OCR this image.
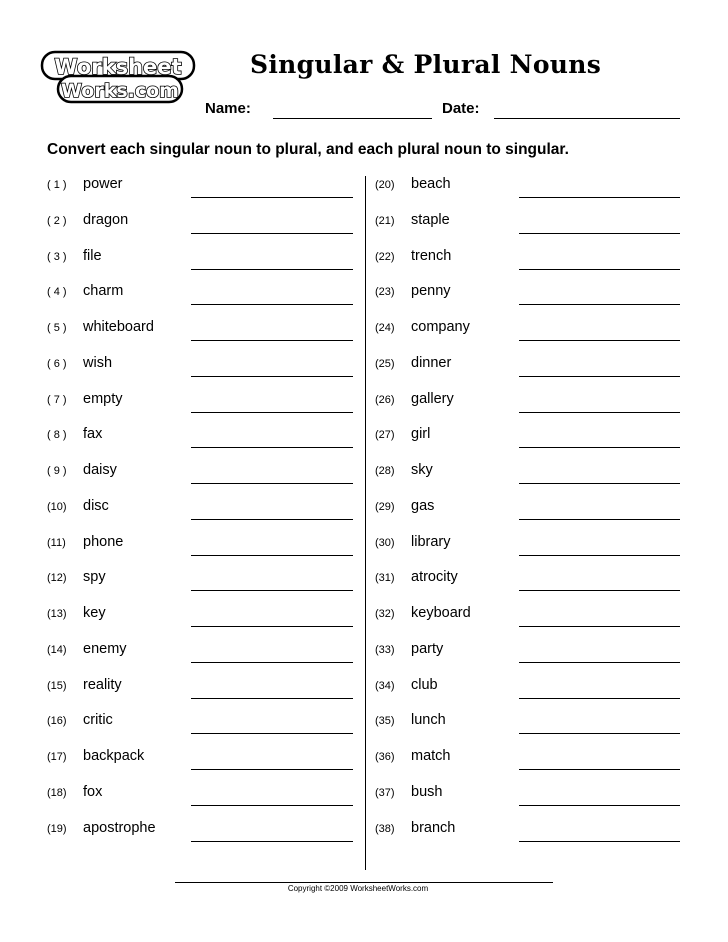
Worksheet
Works.com
Singular & Plural Nouns
Name:	Date:
Convert each singular noun to plural, and each plural noun to singular.
( 1 ) power
( 2 ) dragon
( 3 ) file
( 4 ) charm
( 5 ) whiteboard
( 6 ) wish
( 7 ) empty
( 8 ) fax
( 9 ) daisy
(10) disc
(11) phone
(12) spy
(13) key
(14) enemy
(15) reality
(16) critic
(17) backpack
(18) fox
(19) apostrophe
(20) beach
(21) staple
(22) trench
(23) penny
(24) company
(25) dinner
(26) gallery
(27) girl
(28) sky
(29) gas
(30) library
(31) atrocity
(32) keyboard
(33) party
(34) club
(35) lunch
(36) match
(37) bush
(38) branch
Copyright ©2009 WorksheetWorks.com
